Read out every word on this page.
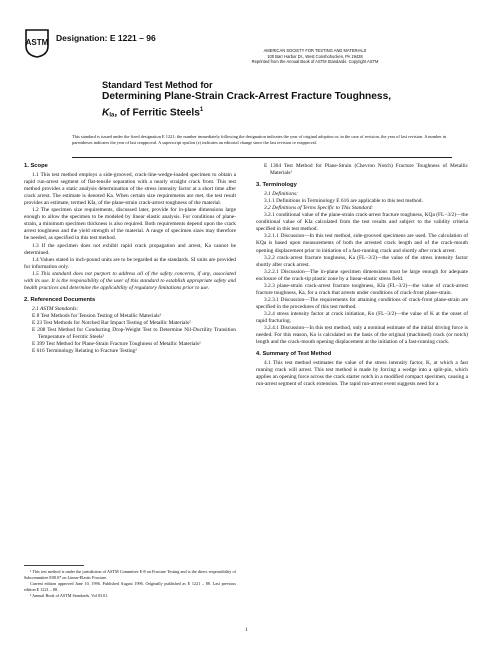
ASTM Designation: E 1221 – 96
AMERICAN SOCIETY FOR TESTING AND MATERIALS
100 Barr Harbor Dr., West Conshohocken, PA 19428
Reprinted from the Annual Book of ASTM Standards. Copyright ASTM
Standard Test Method for
Determining Plane-Strain Crack-Arrest Fracture Toughness,
$K_{Ia}$, of Ferritic Steels$^1$
This standard is issued under the fixed designation E 1221; the number immediately following the designation indicates the year of original adoption or, in the case of revision, the year of last revision. A number in parentheses indicates the year of last reapproval. A superscript epsilon (ε) indicates an editorial change since the last revision or reapproval.

1. Scope

1.1 This test method employs a side-grooved, crack-line-wedge-loaded specimen to obtain a rapid run-arrest segment of flat-tensile separation with a nearly straight crack front. This test method provides a static analysis determination of the stress intensity factor at a short time after crack arrest. The estimate is denoted Ka. When certain size requirements are met, the test result provides an estimate, termed KIa, of the plane-strain crack-arrest toughness of the material.

1.2 The specimen size requirements, discussed later, provide for in-plane dimensions large enough to allow the specimen to be modeled by linear elastic analysis. For conditions of plane-strain, a minimum specimen thickness is also required. Both requirements depend upon the crack arrest toughness and the yield strength of the material. A range of specimen sizes may therefore be needed, as specified in this test method.

1.3 If the specimen does not exhibit rapid crack propagation and arrest, Ka cannot be determined.

1.4 Values stated in inch-pound units are to be regarded as the standards. SI units are provided for information only.

1.5 This standard does not purport to address all of the safety concerns, if any, associated with its use. It is the responsibility of the user of this standard to establish appropriate safety and health practices and determine the applicability of regulatory limitations prior to use.

2. Referenced Documents

2.1 ASTM Standards:

E 8 Test Methods for Tension Testing of Metallic Materials²

E 23 Test Methods for Notched Bar Impact Testing of Metallic Materials²

E 208 Test Method for Conducting Drop-Weight Test to Determine Nil-Ductility Transition Temperature of Ferritic Steels²

E 399 Test Method for Plane-Strain Fracture Toughness of Metallic Materials²

E 616 Terminology Relating to Fracture Testing²

¹ This test method is under the jurisdiction of ASTM Committee E-8 on Fracture Testing and is the direct responsibility of Subcommittee E08.07 on Linear-Elastic Fracture.

Current edition approved June 10, 1996. Published August 1996. Originally published as E 1221 – 88. Last previous edition E 1221 – 88.

² Annual Book of ASTM Standards, Vol 03.01.

E 1304 Test Method for Plane-Strain (Chevron Notch) Fracture Toughness of Metallic Materials²

3. Terminology

3.1 Definitions:

3.1.1 Definitions in Terminology E 616 are applicable to this test method.

3.2 Definitions of Terms Specific to This Standard:

3.2.1 conditional value of the plane-strain crack-arrest fracture toughness, KQa (FL−3/2)—the conditional value of KIa calculated from the test results and subject to the validity criteria specified in this test method.

3.2.1.1 Discussion—In this test method, side-grooved specimens are used. The calculation of KQa is based upon measurements of both the arrested crack length and of the crack-mouth opening displacement prior to initiation of a fast-running crack and shortly after crack arrest.

3.2.2 crack-arrest fracture toughness, Ka (FL−3/2)—the value of the stress intensity factor shortly after crack arrest.

3.2.2.1 Discussion—The in-plane specimen dimensions must be large enough for adequate enclosure of the crack-tip plastic zone by a linear-elastic stress field.

3.2.3 plane-strain crack-arrest fracture toughness, KIa (FL−3/2)—the value of crack-arrest fracture toughness, Ka, for a crack that arrests under conditions of crack-front plane-strain.

3.2.3.1 Discussion—The requirements for attaining conditions of crack-front plane-strain are specified in the procedures of this test method.

3.2.4 stress intensity factor at crack initiation, Ko (FL−3/2)—the value of K at the onset of rapid fracturing.

3.2.4.1 Discussion—In this test method, only a nominal estimate of the initial driving force is needed. For this reason, Ko is calculated on the basis of the original (machined) crack (or notch) length and the crack-mouth opening displacement at the initiation of a fast-running crack.

4. Summary of Test Method

4.1 This test method estimates the value of the stress intensity factor, K, at which a fast running crack will arrest. This test method is made by forcing a wedge into a split-pin, which applies an opening force across the crack starter notch in a modified compact specimen, causing a run-arrest segment of crack extension. The rapid run-arrest event suggests need for a

1
